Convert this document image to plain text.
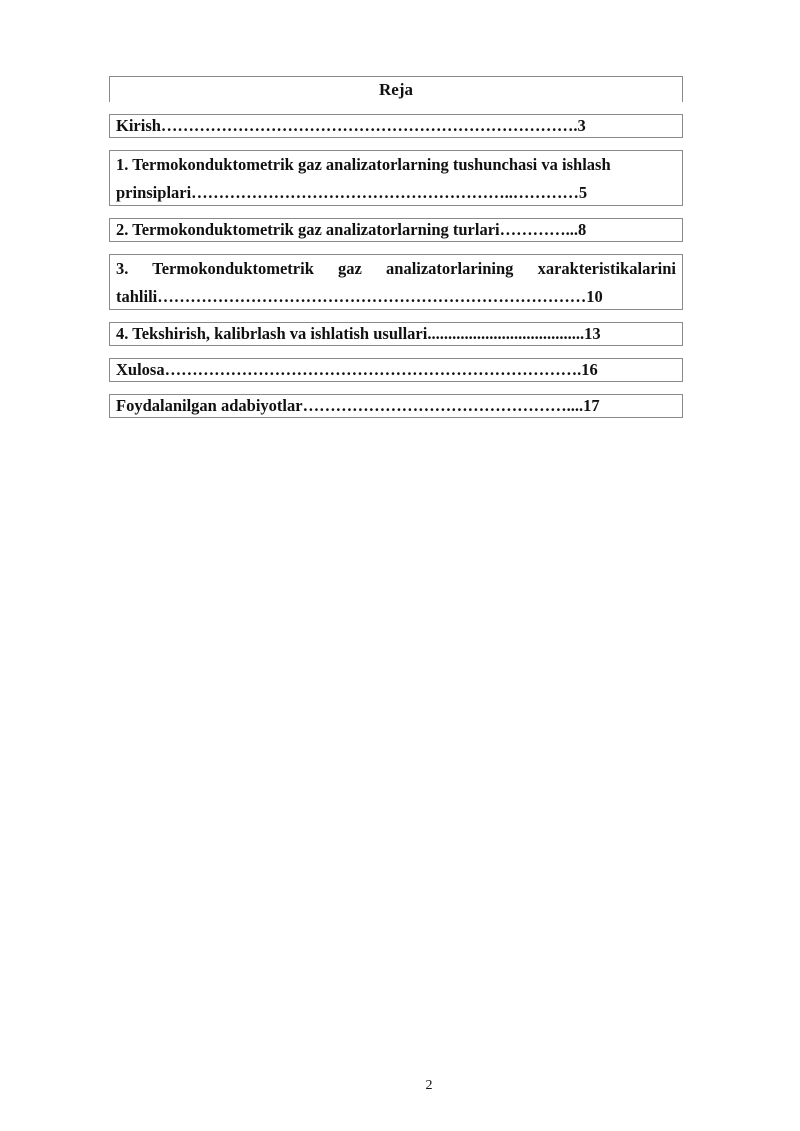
Reja
Kirish………………………………………………………………….3
1. Termokonduktometrik gaz analizatorlarning tushunchasi va ishlash
prinsiplari…………………………………………………..…………5
2. Termokonduktometrik gaz analizatorlarning turlari…………...8
3. Termokonduktometrik gaz analizatorlarining xarakteristikalarini
tahlili……………………………………………………………………10
4. Tekshirish, kalibrlash va ishlatish usullari......................................13
Xulosa………………………………………………………………….16
Foydalanilgan adabiyotlar…………………………………………....17
2
